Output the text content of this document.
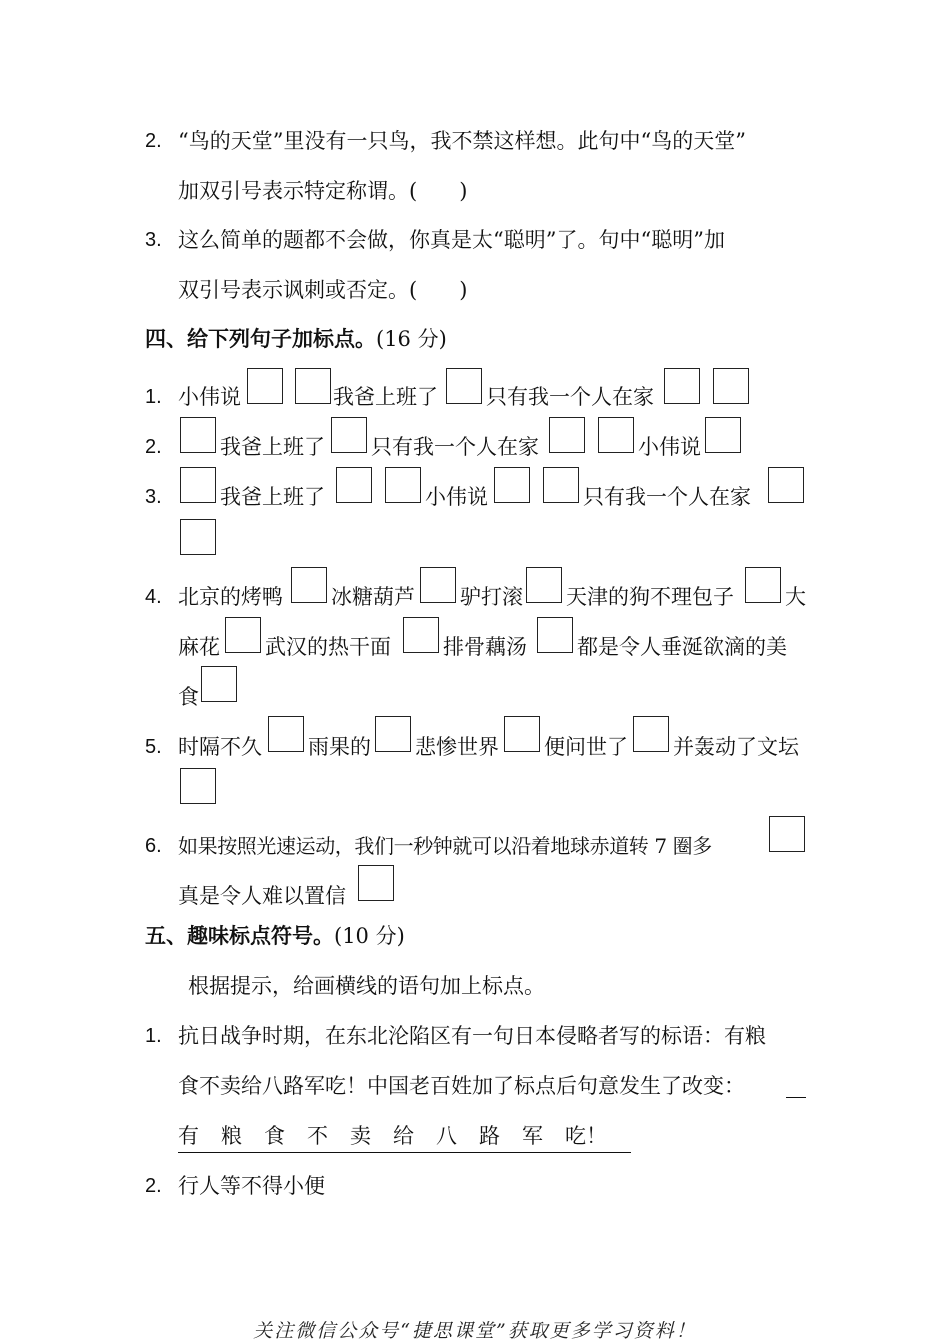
2. “鸟的天堂”里没有一只鸟，我不禁这样想。此句中“鸟的天堂”
加双引号表示特定称谓。(　　)
3. 这么简单的题都不会做，你真是太“聪明”了。句中“聪明”加
双引号表示讽刺或否定。(　　)
四、给下列句子加标点。(16 分)
1. 小伟说	我爸上班了 只有我一个人在家
2.	我爸上班了 只有我一个人在家	小伟说
3.	我爸上班了	小伟说	只有我一个人在家
4. 北京的烤鸭 冰糖葫芦 驴打滚 天津的狗不理包子 大
麻花 武汉的热干面 排骨藕汤 都是令人垂涎欲滴的美
食
5. 时隔不久 雨果的 悲惨世界 便问世了 并轰动了文坛
6. 如果按照光速运动，我们一秒钟就可以沿着地球赤道转 7 圈多
真是令人难以置信
五、趣味标点符号。(10 分)
根据提示，给画横线的语句加上标点。
1. 抗日战争时期，在东北沦陷区有一句日本侵略者写的标语：有粮
食不卖给八路军吃！中国老百姓加了标点后句意发生了改变：
有 粮 食 不 卖 给 八 路 军 吃！
2. 行人等不得小便
关注微信公众号“捷思课堂”获取更多学习资料！
